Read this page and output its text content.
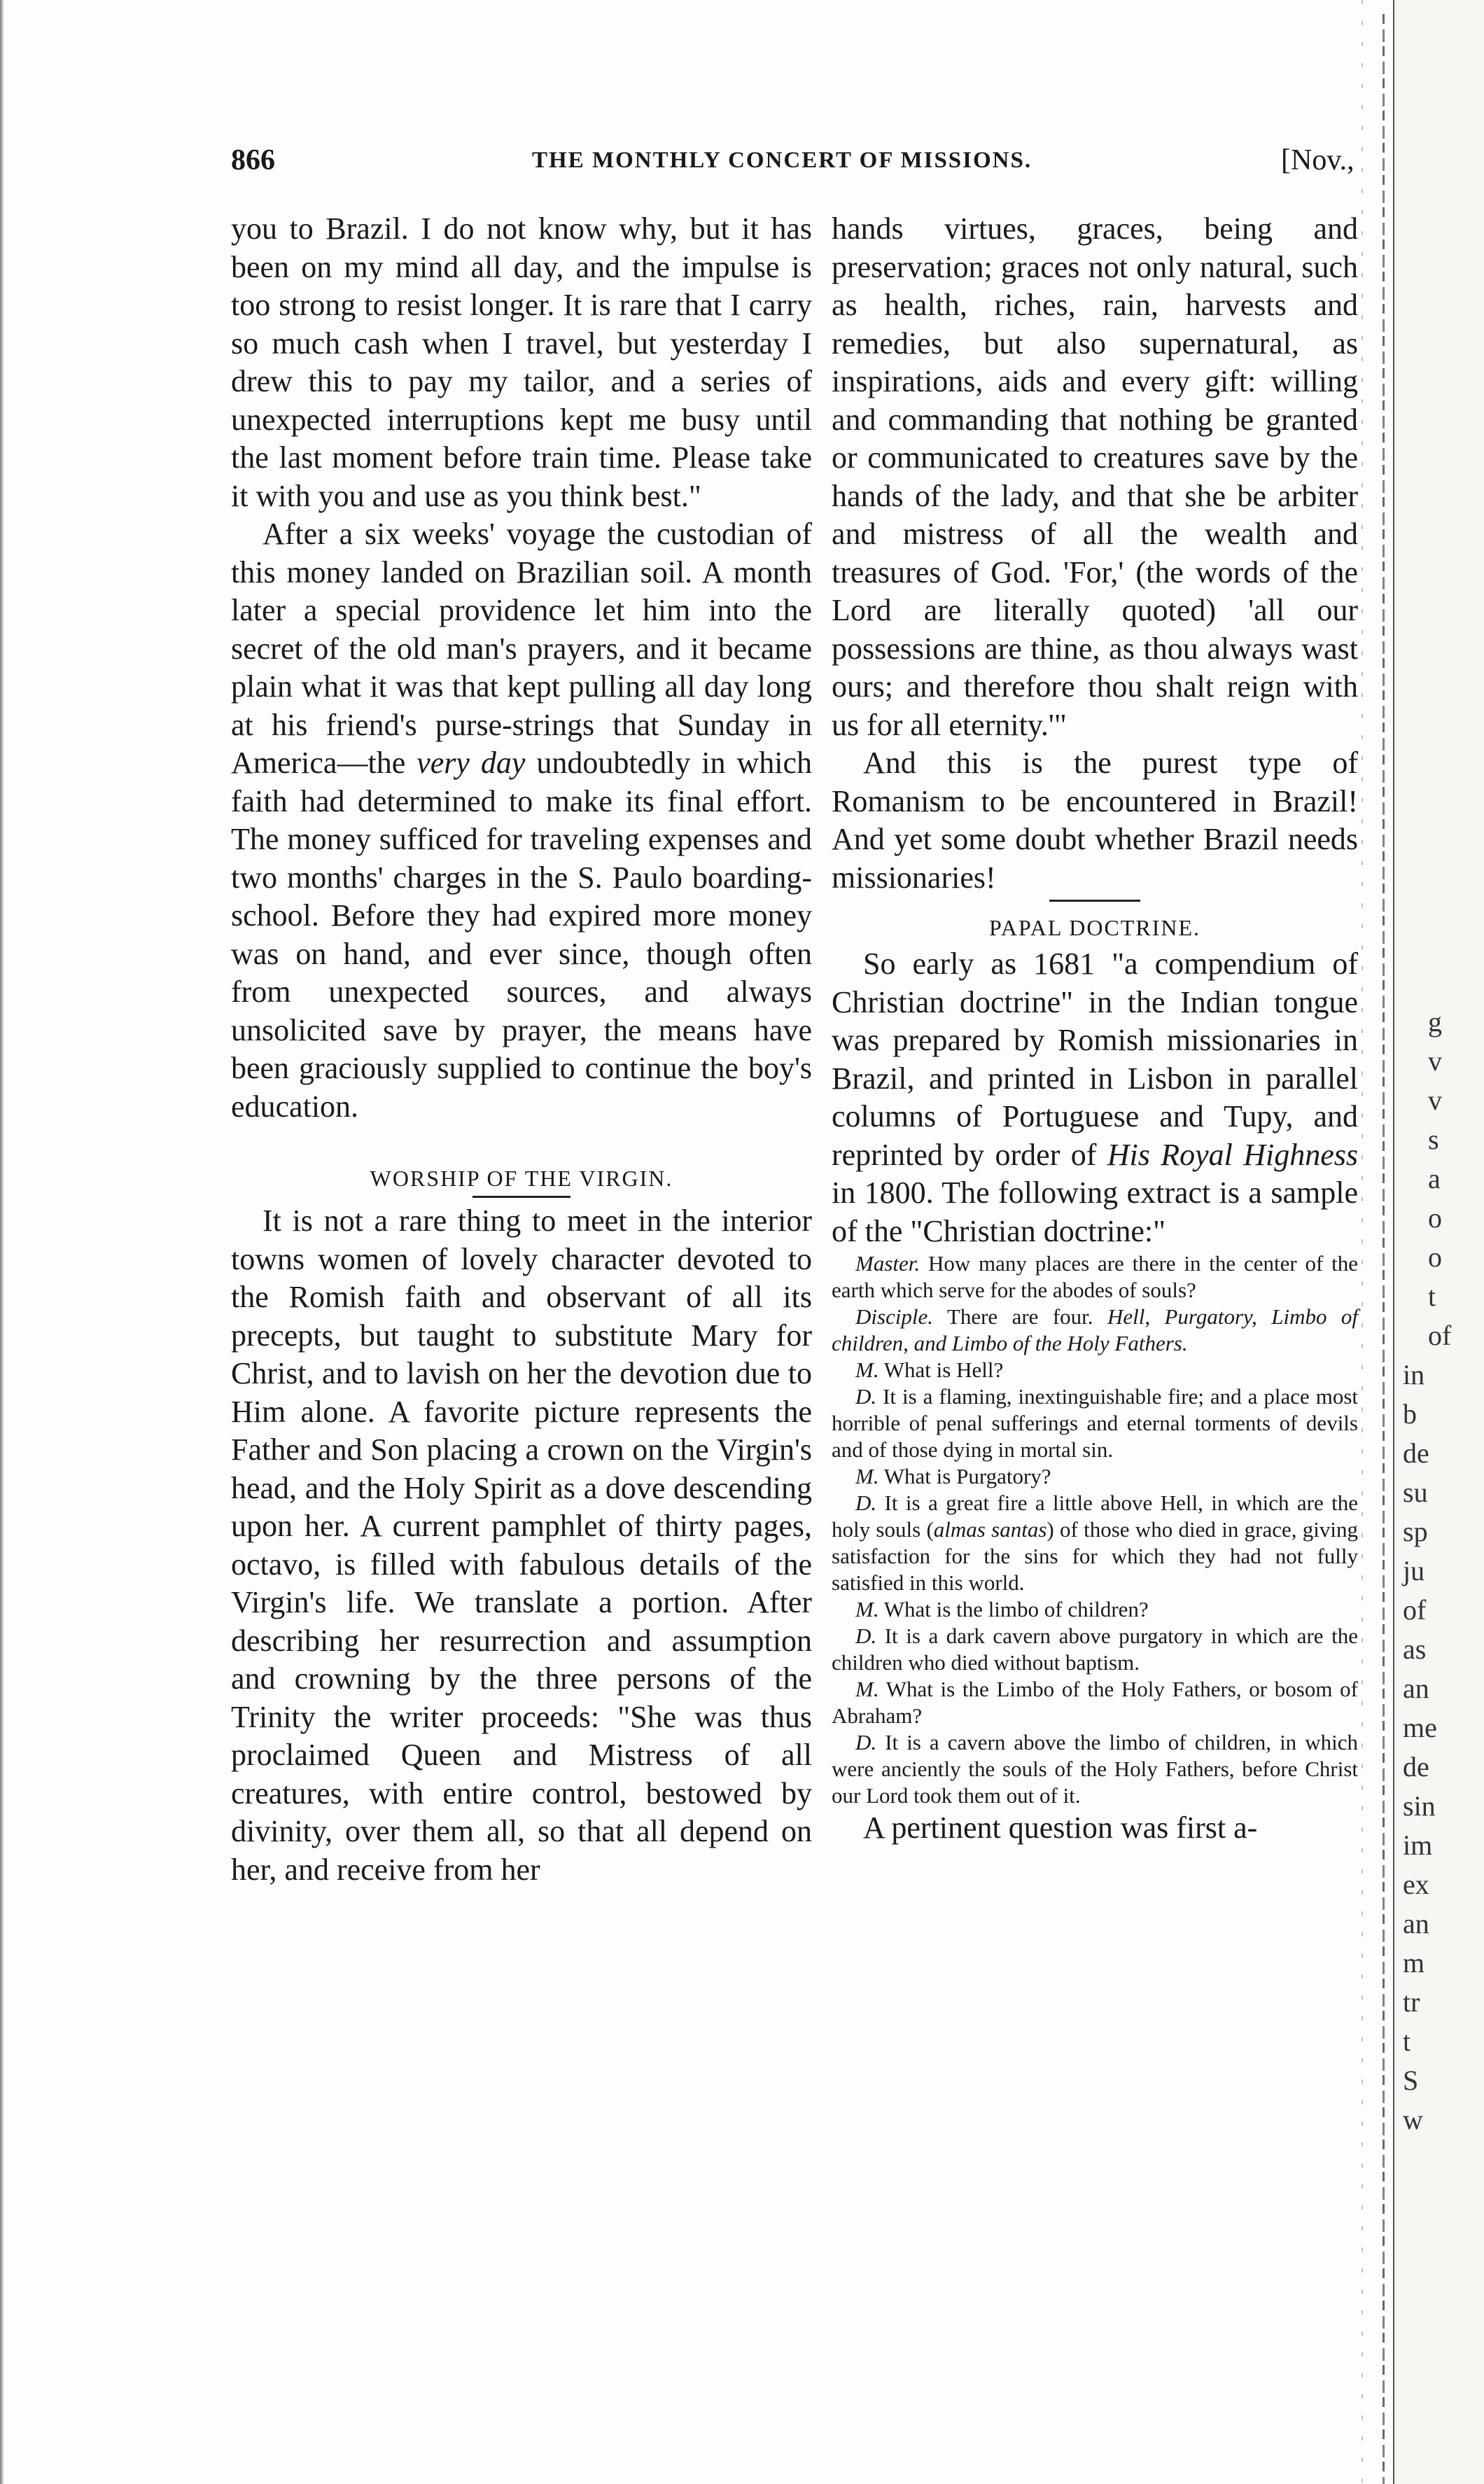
866	THE MONTHLY CONCERT OF MISSIONS.	[Nov.,

you to Brazil. I do not know why, but it has been on my mind all day, and the impulse is too strong to resist longer. It is rare that I carry so much cash when I travel, but yesterday I drew this to pay my tailor, and a series of unexpected interruptions kept me busy until the last moment before train time. Please take it with you and use as you think best."

After a six weeks' voyage the custodian of this money landed on Brazilian soil. A month later a special providence let him into the secret of the old man's prayers, and it became plain what it was that kept pulling all day long at his friend's purse-strings that Sunday in America—the very day undoubtedly in which faith had determined to make its final effort. The money sufficed for traveling expenses and two months' charges in the S. Paulo boarding-school. Before they had expired more money was on hand, and ever since, though often from unexpected sources, and always unsolicited save by prayer, the means have been graciously supplied to continue the boy's education.

WORSHIP OF THE VIRGIN.

It is not a rare thing to meet in the interior towns women of lovely character devoted to the Romish faith and observant of all its precepts, but taught to substitute Mary for Christ, and to lavish on her the devotion due to Him alone. A favorite picture represents the Father and Son placing a crown on the Virgin's head, and the Holy Spirit as a dove descending upon her. A current pamphlet of thirty pages, octavo, is filled with fabulous details of the Virgin's life. We translate a portion. After describing her resurrection and assumption and crowning by the three persons of the Trinity the writer proceeds: "She was thus proclaimed Queen and Mistress of all creatures, with entire control, bestowed by divinity, over them all, so that all depend on her, and receive from her

hands virtues, graces, being and preservation; graces not only natural, such as health, riches, rain, harvests and remedies, but also supernatural, as inspirations, aids and every gift: willing and commanding that nothing be granted or communicated to creatures save by the hands of the lady, and that she be arbiter and mistress of all the wealth and treasures of God. 'For,' (the words of the Lord are literally quoted) 'all our possessions are thine, as thou always wast ours; and therefore thou shalt reign with us for all eternity.'"

And this is the purest type of Romanism to be encountered in Brazil! And yet some doubt whether Brazil needs missionaries!

PAPAL DOCTRINE.

So early as 1681 "a compendium of Christian doctrine" in the Indian tongue was prepared by Romish missionaries in Brazil, and printed in Lisbon in parallel columns of Portuguese and Tupy, and reprinted by order of His Royal Highness in 1800. The following extract is a sample of the "Christian doctrine:"

Master. How many places are there in the center of the earth which serve for the abodes of souls?

Disciple. There are four. Hell, Purgatory, Limbo of children, and Limbo of the Holy Fathers.

M. What is Hell?

D. It is a flaming, inextinguishable fire; and a place most horrible of penal sufferings and eternal torments of devils and of those dying in mortal sin.

M. What is Purgatory?

D. It is a great fire a little above Hell, in which are the holy souls (almas santas) of those who died in grace, giving satisfaction for the sins for which they had not fully satisfied in this world.

M. What is the limbo of children?

D. It is a dark cavern above purgatory in which are the children who died without baptism.

M. What is the Limbo of the Holy Fathers, or bosom of Abraham?

D. It is a cavern above the limbo of children, in which were anciently the souls of the Holy Fathers, before Christ our Lord took them out of it.

A pertinent question was first a-

g
v
v
s
a
o
o
t
of
in
b
de
su
sp
ju
of
as
an
me
de
sin
im
ex
an
m
tr
t
S
w
